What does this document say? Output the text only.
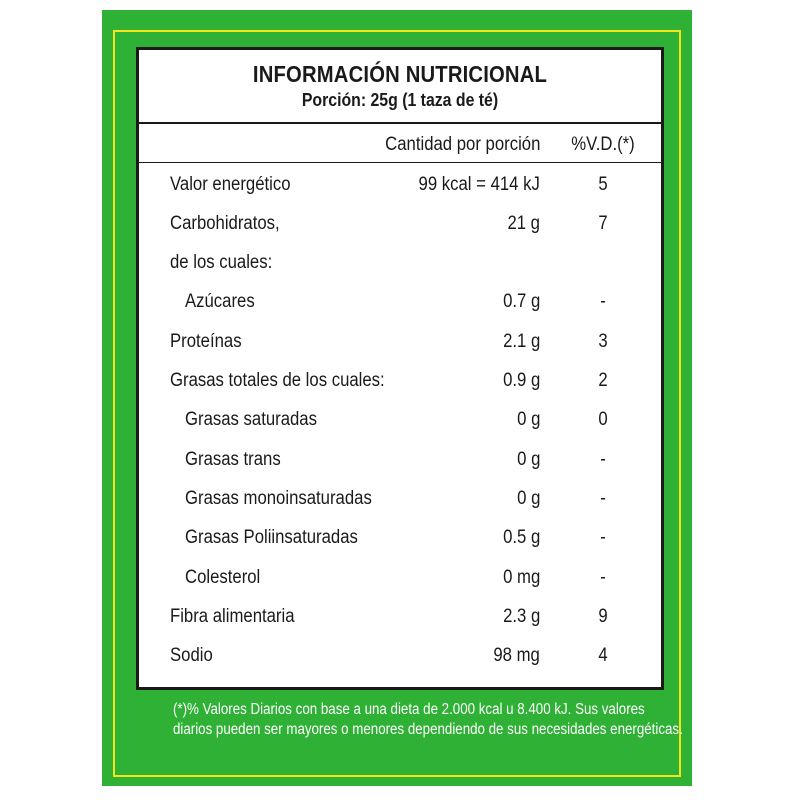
INFORMACIÓN NUTRICIONAL
Porción: 25g (1 taza de té)
Cantidad por porción	%V.D.(*)
Valor energético	99 kcal = 414 kJ	5
Carbohidratos,	21 g	7
de los cuales:
Azúcares	0.7 g	-
Proteínas	2.1 g	3
Grasas totales de los cuales:	0.9 g	2
Grasas saturadas	0 g	0
Grasas trans	0 g	-
Grasas monoinsaturadas	0 g	-
Grasas Poliinsaturadas	0.5 g	-
Colesterol	0 mg	-
Fibra alimentaria	2.3 g	9
Sodio	98 mg	4
(*)% Valores Diarios con base a una dieta de 2.000 kcal u 8.400 kJ. Sus valores
diarios pueden ser mayores o menores dependiendo de sus necesidades energéticas.
